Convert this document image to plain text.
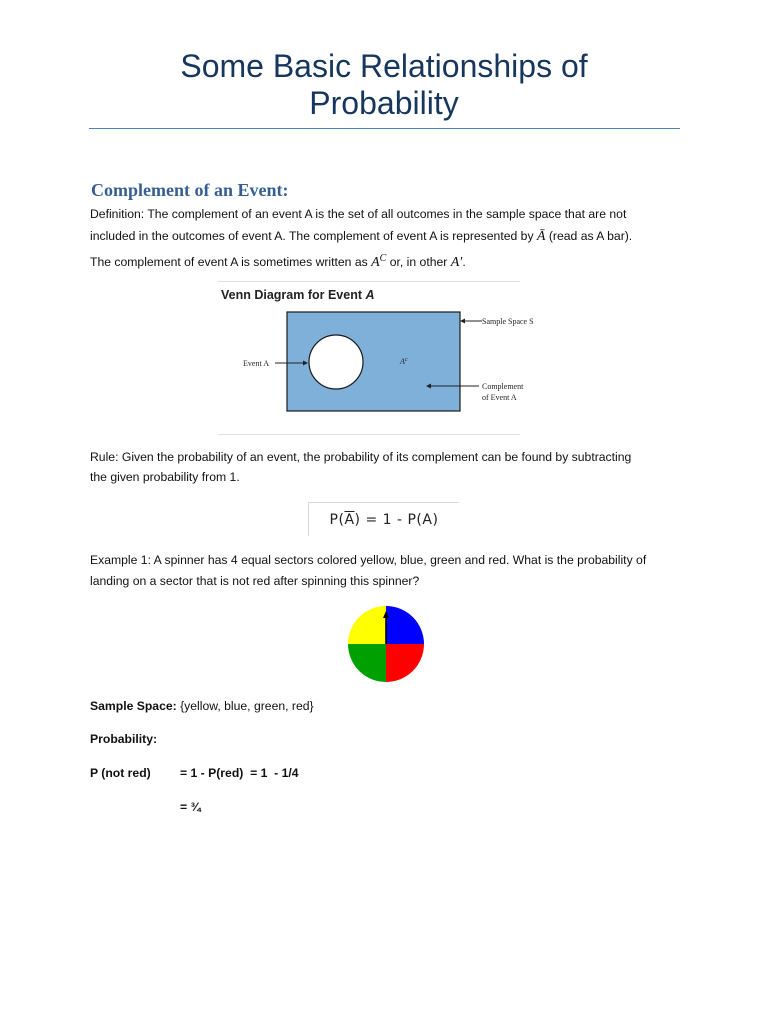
Some Basic Relationships of
Probability
Complement of an Event:
Definition: The complement of an event A is the set of all outcomes in the sample space that are not
included in the outcomes of event A. The complement of event A is represented by Ā (read as A bar).
The complement of event A is sometimes written as $A^C$ or, in other A′.
Venn Diagram for Event A
Sample Space S
Event A	$A^c$
Complement
of Event A
Rule: Given the probability of an event, the probability of its complement can be found by subtracting
the given probability from 1.
P( $\overline{A}$ ) = 1 - P(A)
Example 1: A spinner has 4 equal sectors colored yellow, blue, green and red. What is the probability of
landing on a sector that is not red after spinning this spinner?
Sample Space: {yellow, blue, green, red}
Probability:
P (not red)	= 1 - P(red)  = 1  - 1/4
= ¾
